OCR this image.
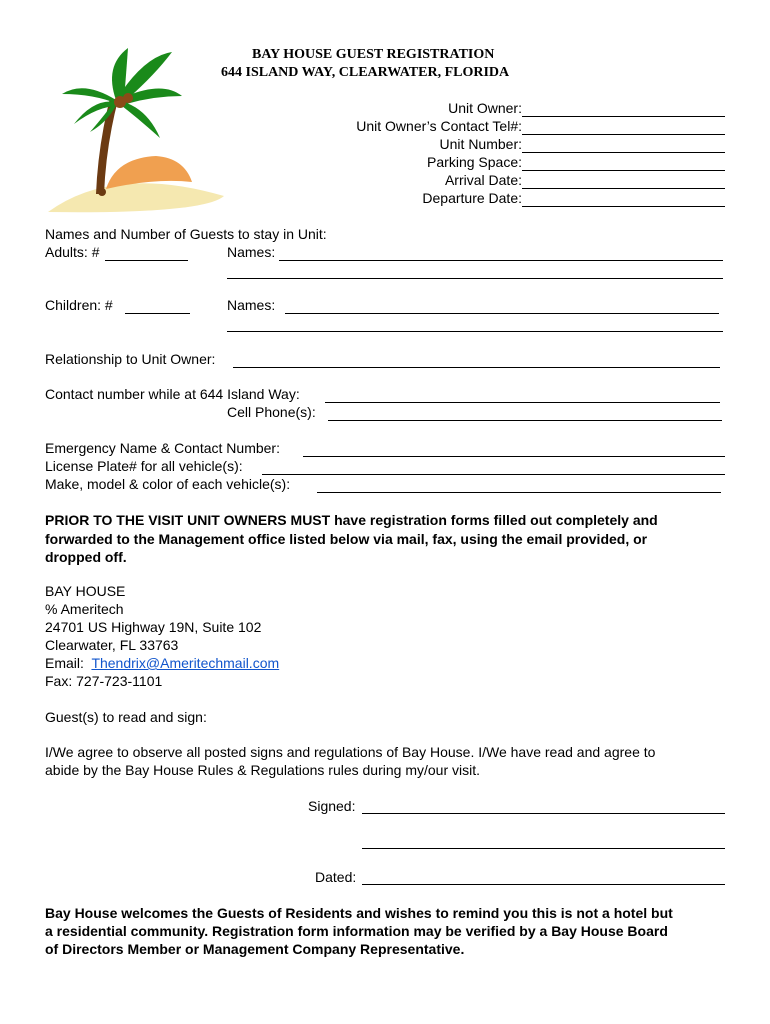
BAY HOUSE GUEST REGISTRATION
644 ISLAND WAY, CLEARWATER, FLORIDA
Unit Owner:
Unit Owner’s Contact Tel#:
Unit Number:
Parking Space:
Arrival Date:
Departure Date:
Names and Number of Guests to stay in Unit:
Adults: #	Names:
Children: #	Names:
Relationship to Unit Owner:
Contact number while at 644 Island Way:
Cell Phone(s):
Emergency Name & Contact Number:
License Plate# for all vehicle(s):
Make, model & color of each vehicle(s):
PRIOR TO THE VISIT UNIT OWNERS MUST have registration forms filled out completely and
forwarded to the Management office listed below via mail, fax, using the email provided, or
dropped off.
BAY HOUSE
% Ameritech
24701 US Highway 19N, Suite 102
Clearwater, FL 33763
Email: Thendrix@Ameritechmail.com
Fax: 727-723-1101
Guest(s) to read and sign:
I/We agree to observe all posted signs and regulations of Bay House. I/We have read and agree to
abide by the Bay House Rules & Regulations rules during my/our visit.
Signed:
Dated:
Bay House welcomes the Guests of Residents and wishes to remind you this is not a hotel but
a residential community. Registration form information may be verified by a Bay House Board
of Directors Member or Management Company Representative.
